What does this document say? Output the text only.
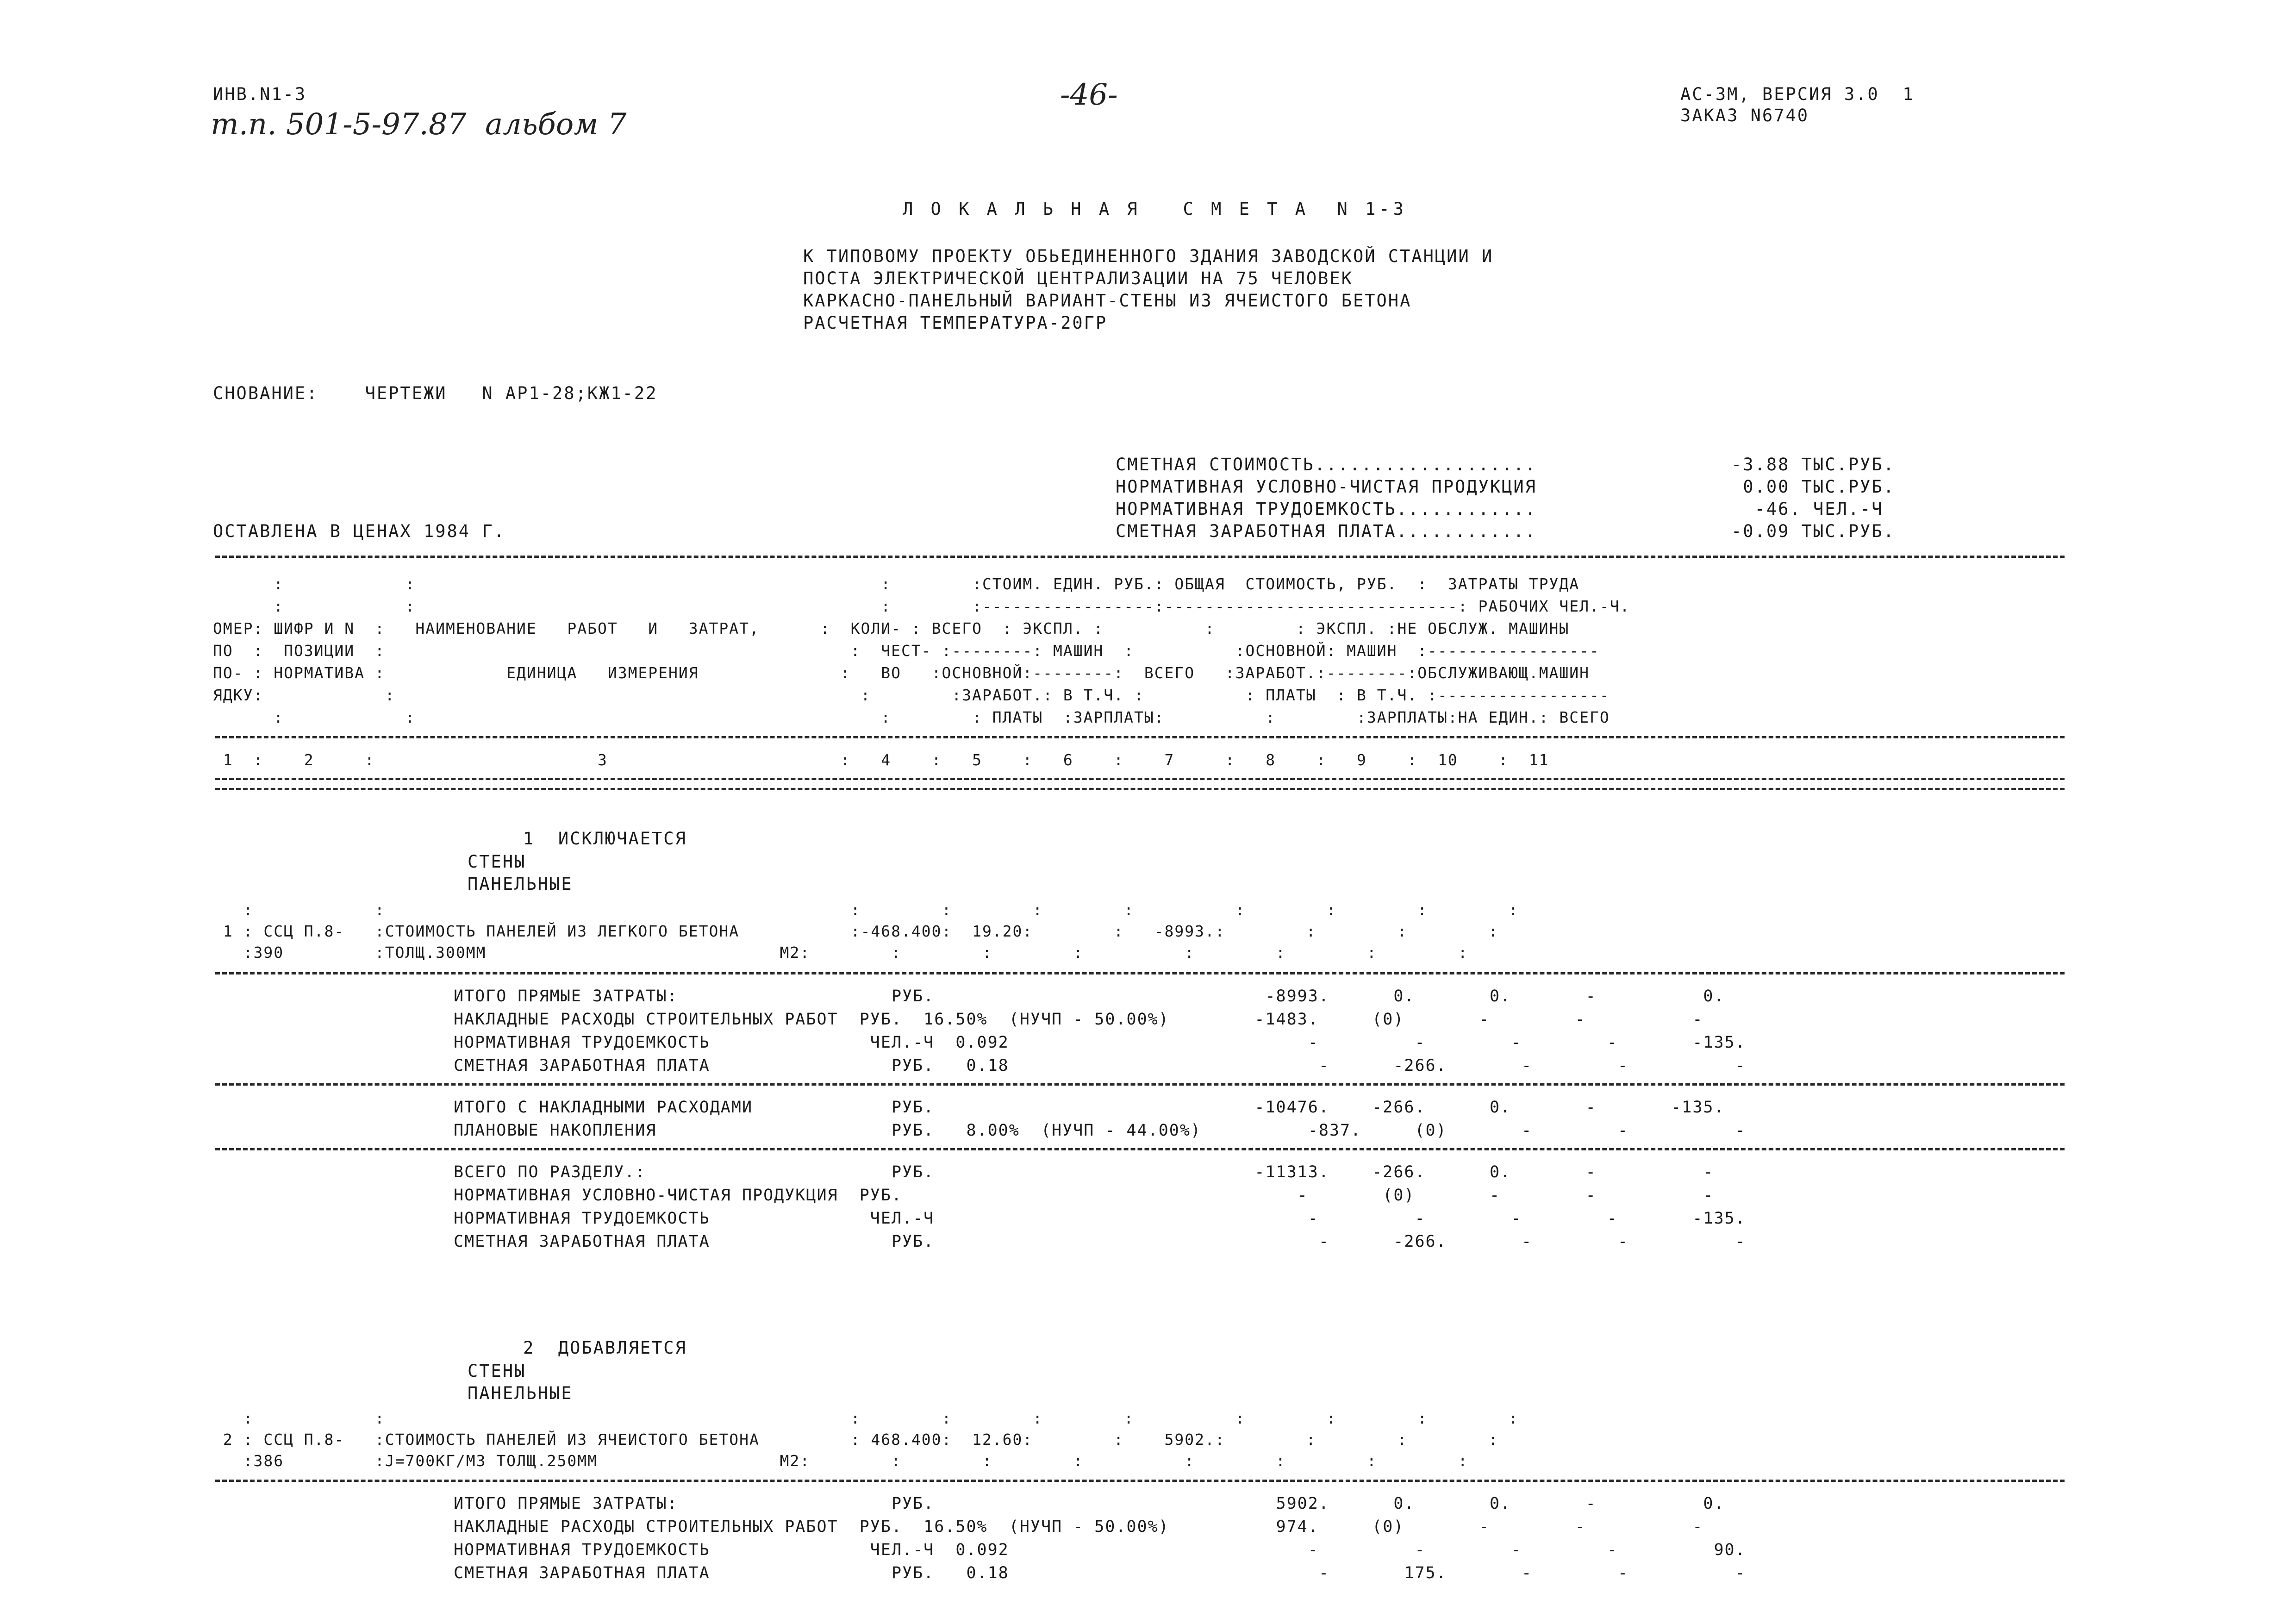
ИНВ.N1-3
т.п. 501-5-97.87  альбом 7
-46-	АС-3М, ВЕРСИЯ 3.0  1
ЗАКАЗ N6740
Л О К А Л Ь Н А Я   С М Е Т А  N 1-3
К ТИПОВОМУ ПРОЕКТУ ОБЬЕДИНЕННОГО ЗДАНИЯ ЗАВОДСКОЙ СТАНЦИИ И
ПОСТА ЭЛЕКТРИЧЕСКОЙ ЦЕНТРАЛИЗАЦИИ НА 75 ЧЕЛОВЕК
КАРКАСНО-ПАНЕЛЬНЫЙ ВАРИАНТ-СТЕНЫ ИЗ ЯЧЕИСТОГО БЕТОНА
РАСЧЕТНАЯ ТЕМПЕРАТУРА-20ГР
СНОВАНИЕ:    ЧЕРТЕЖИ   N АР1-28;КЖ1-22
СМЕТНАЯ СТОИМОСТЬ...................	-3.88 ТЫС.РУБ.
НОРМАТИВНАЯ УСЛОВНО-ЧИСТАЯ ПРОДУКЦИЯ	0.00 ТЫС.РУБ.
НОРМАТИВНАЯ ТРУДОЕМКОСТЬ............	-46. ЧЕЛ.-Ч
ОСТАВЛЕНА В ЦЕНАХ 1984 Г.	СМЕТНАЯ ЗАРАБОТНАЯ ПЛАТА............	-0.09 ТЫС.РУБ.
:            :                                              :        :СТОИМ. ЕДИН. РУБ.: ОБЩАЯ  СТОИМОСТЬ, РУБ.  :  ЗАТРАТЫ ТРУДА
:            :                                              :        :-----------------:-----------------------------: РАБОЧИХ ЧЕЛ.-Ч.
ОМЕР: ШИФР И N  :   НАИМЕНОВАНИЕ   РАБОТ   И   ЗАТРАТ,      :  КОЛИ- : ВСЕГО  : ЭКСПЛ. :          :        : ЭКСПЛ. :НЕ ОБСЛУЖ. МАШИНЫ
ПО  :  ПОЗИЦИИ  :                                              :  ЧЕСТ- :--------: МАШИН  :          :ОСНОВНОЙ: МАШИН  :-----------------
ПО- : НОРМАТИВА :            ЕДИНИЦА   ИЗМЕРЕНИЯ              :   ВО   :ОСНОВНОЙ:--------:  ВСЕГО   :ЗАРАБОТ.:--------:ОБСЛУЖИВАЮЩ.МАШИН
ЯДКУ:            :                                              :        :ЗАРАБОТ.: В Т.Ч. :          : ПЛАТЫ  : В Т.Ч. :-----------------
:            :                                              :        : ПЛАТЫ  :ЗАРПЛАТЫ:          :        :ЗАРПЛАТЫ:НА ЕДИН.: ВСЕГО
1  :    2     :                      3                       :   4    :   5    :   6    :    7     :   8    :   9    :  10    :  11
1  ИСКЛЮЧАЕТСЯ
СТЕНЫ
ПАНЕЛЬНЫЕ
:            :                                              :        :        :        :          :        :        :        :
1 : ССЦ П.8-   :СТОИМОСТЬ ПАНЕЛЕЙ ИЗ ЛЕГКОГО БЕТОНА           :-468.400:  19.20:        :   -8993.:        :        :        :
:390         :ТОЛЩ.300ММ                             М2:        :        :        :          :        :        :        :
ИТОГО ПРЯМЫЕ ЗАТРАТЫ:                    РУБ.                               -8993.      0.       0.       -          0.
НАКЛАДНЫЕ РАСХОДЫ СТРОИТЕЛЬНЫХ РАБОТ  РУБ.  16.50%  (НУЧП - 50.00%)        -1483.     (0)       -        -          -
НОРМАТИВНАЯ ТРУДОЕМКОСТЬ               ЧЕЛ.-Ч  0.092                            -         -        -        -       -135.
СМЕТНАЯ ЗАРАБОТНАЯ ПЛАТА                 РУБ.   0.18                             -      -266.       -        -          -
ИТОГО С НАКЛАДНЫМИ РАСХОДАМИ             РУБ.                              -10476.    -266.      0.       -       -135.
ПЛАНОВЫЕ НАКОПЛЕНИЯ                      РУБ.   8.00%  (НУЧП - 44.00%)          -837.     (0)       -        -          -
ВСЕГО ПО РАЗДЕЛУ.:                       РУБ.                              -11313.    -266.      0.       -          -
НОРМАТИВНАЯ УСЛОВНО-ЧИСТАЯ ПРОДУКЦИЯ  РУБ.                                     -       (0)       -        -          -
НОРМАТИВНАЯ ТРУДОЕМКОСТЬ               ЧЕЛ.-Ч                                   -         -        -        -       -135.
СМЕТНАЯ ЗАРАБОТНАЯ ПЛАТА                 РУБ.                                    -      -266.       -        -          -
2  ДОБАВЛЯЕТСЯ
СТЕНЫ
ПАНЕЛЬНЫЕ
:            :                                              :        :        :        :          :        :        :        :
2 : ССЦ П.8-   :СТОИМОСТЬ ПАНЕЛЕЙ ИЗ ЯЧЕИСТОГО БЕТОНА         : 468.400:  12.60:        :    5902.:        :        :        :
:386         :J=700КГ/М3 ТОЛЩ.250ММ                  М2:        :        :        :          :        :        :        :
ИТОГО ПРЯМЫЕ ЗАТРАТЫ:                    РУБ.                                5902.      0.       0.       -          0.
НАКЛАДНЫЕ РАСХОДЫ СТРОИТЕЛЬНЫХ РАБОТ  РУБ.  16.50%  (НУЧП - 50.00%)          974.     (0)       -        -          -
НОРМАТИВНАЯ ТРУДОЕМКОСТЬ               ЧЕЛ.-Ч  0.092                            -         -        -        -         90.
СМЕТНАЯ ЗАРАБОТНАЯ ПЛАТА                 РУБ.   0.18                             -       175.       -        -          -
